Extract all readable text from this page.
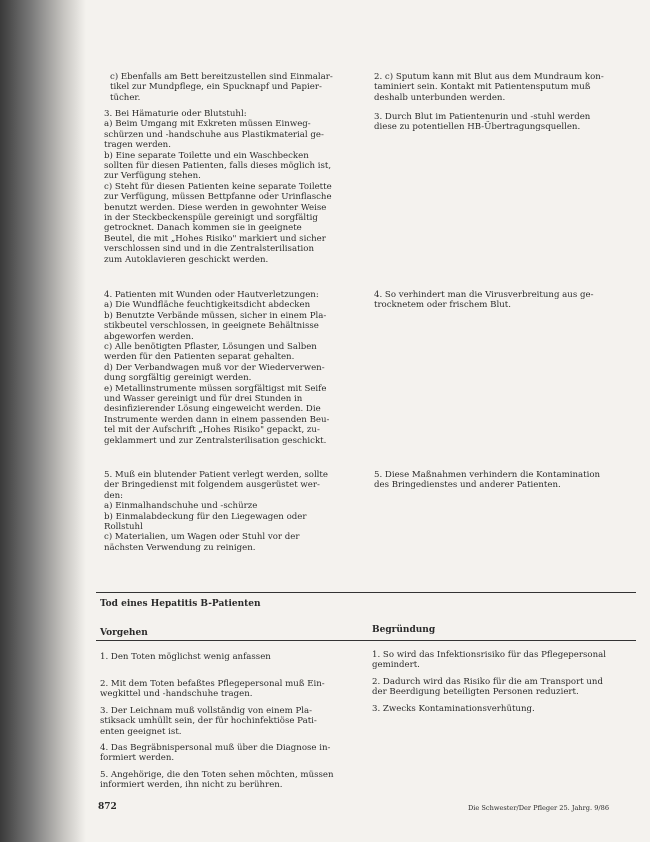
c) Ebenfalls am Bett bereitzustellen sind Einmalar-
tikel zur Mundpflege, ein Spucknapf und Papier-
tücher.
3. Bei Hämaturie oder Blutstuhl:
a) Beim Umgang mit Exkreten müssen Einweg-
schürzen und -handschuhe aus Plastikmaterial ge-
tragen werden.
b) Eine separate Toilette und ein Waschbecken
sollten für diesen Patienten, falls dieses möglich ist,
zur Verfügung stehen.
c) Steht für diesen Patienten keine separate Toilette
zur Verfügung, müssen Bettpfanne oder Urinflasche
benutzt werden. Diese werden in gewohnter Weise
in der Steckbeckenspüle gereinigt und sorgfältig
getrocknet. Danach kommen sie in geeignete
Beutel, die mit „Hohes Risiko" markiert und sicher
verschlossen sind und in die Zentralsterilisation
zum Autoklavieren geschickt werden.
4. Patienten mit Wunden oder Hautverletzungen:
a) Die Wundfläche feuchtigkeitsdicht abdecken
b) Benutzte Verbände müssen, sicher in einem Pla-
stikbeutel verschlossen, in geeignete Behältnisse
abgeworfen werden.
c) Alle benötigten Pflaster, Lösungen und Salben
werden für den Patienten separat gehalten.
d) Der Verbandwagen muß vor der Wiederverwen-
dung sorgfältig gereinigt werden.
e) Metallinstrumente müssen sorgfältigst mit Seife
und Wasser gereinigt und für drei Stunden in
desinfizierender Lösung eingeweicht werden. Die
Instrumente werden dann in einem passenden Beu-
tel mit der Aufschrift „Hohes Risiko" gepackt, zu-
geklammert und zur Zentralsterilisation geschickt.
5. Muß ein blutender Patient verlegt werden, sollte
der Bringedienst mit folgendem ausgerüstet wer-
den:
a) Einmalhandschuhe und -schürze
b) Einmalabdeckung für den Liegewagen oder
Rollstuhl
c) Materialien, um Wagen oder Stuhl vor der
nächsten Verwendung zu reinigen.
2. c) Sputum kann mit Blut aus dem Mundraum kon-
taminiert sein. Kontakt mit Patientensputum muß
deshalb unterbunden werden.
3. Durch Blut im Patientenurin und -stuhl werden
diese zu potentiellen HB-Übertragungsquellen.
4. So verhindert man die Virusverbreitung aus ge-
trocknetem oder frischem Blut.
5. Diese Maßnahmen verhindern die Kontamination
des Bringedienstes und anderer Patienten.
Tod eines Hepatitis B-Patienten
Vorgehen	Begründung
1. Den Toten möglichst wenig anfassen
2. Mit dem Toten befaßtes Pflegepersonal muß Ein-
wegkittel und -handschuhe tragen.
3. Der Leichnam muß vollständig von einem Pla-
stiksack umhüllt sein, der für hochinfektiöse Pati-
enten geeignet ist.
4. Das Begräbnispersonal muß über die Diagnose in-
formiert werden.
5. Angehörige, die den Toten sehen möchten, müssen
informiert werden, ihn nicht zu berühren.
1. So wird das Infektionsrisiko für das Pflegepersonal
gemindert.
2. Dadurch wird das Risiko für die am Transport und
der Beerdigung beteiligten Personen reduziert.
3. Zwecks Kontaminationsverhütung.
872	Die Schwester/Der Pfleger 25. Jahrg. 9/86
